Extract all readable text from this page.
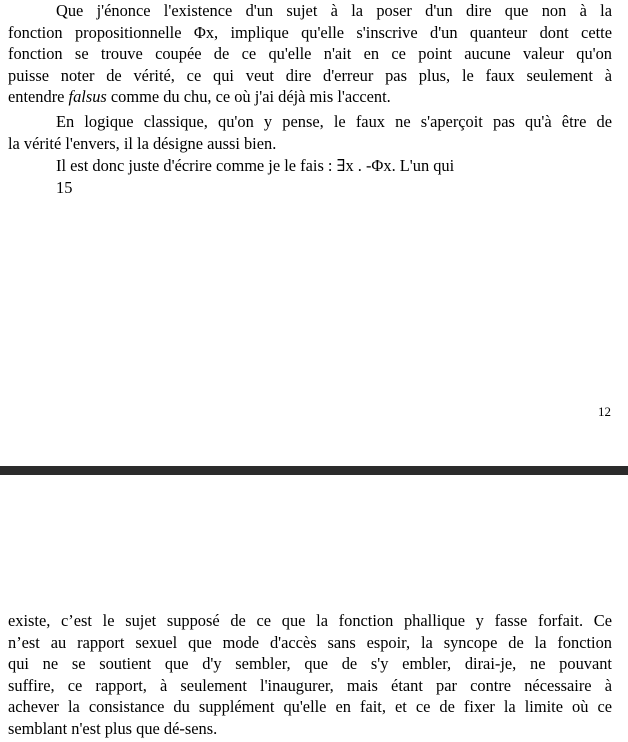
Que j'énonce l'existence d'un sujet à la poser d'un dire que non à la
fonction propositionnelle Φx, implique qu'elle s'inscrive d'un quanteur dont cette
fonction se trouve coupée de ce qu'elle n'ait en ce point aucune valeur qu'on
puisse noter de vérité, ce qui veut dire d'erreur pas plus, le faux seulement à
entendre falsus comme du chu, ce où j'ai déjà mis l'accent.
En logique classique, qu'on y pense, le faux ne s'aperçoit pas qu'à être de
la vérité l'envers, il la désigne aussi bien.
Il est donc juste d'écrire comme je le fais : ∃x . -Φx. L'un qui
15
12
existe, c’est le sujet supposé de ce que la fonction phallique y fasse forfait. Ce
n’est au rapport sexuel que mode d'accès sans espoir, la syncope de la fonction
qui ne se soutient que d'y sembler, que de s'y embler, dirai-je, ne pouvant
suffire, ce rapport, à seulement l'inaugurer, mais étant par contre nécessaire à
achever la consistance du supplément qu'elle en fait, et ce de fixer la limite où ce
semblant n'est plus que dé-sens.
